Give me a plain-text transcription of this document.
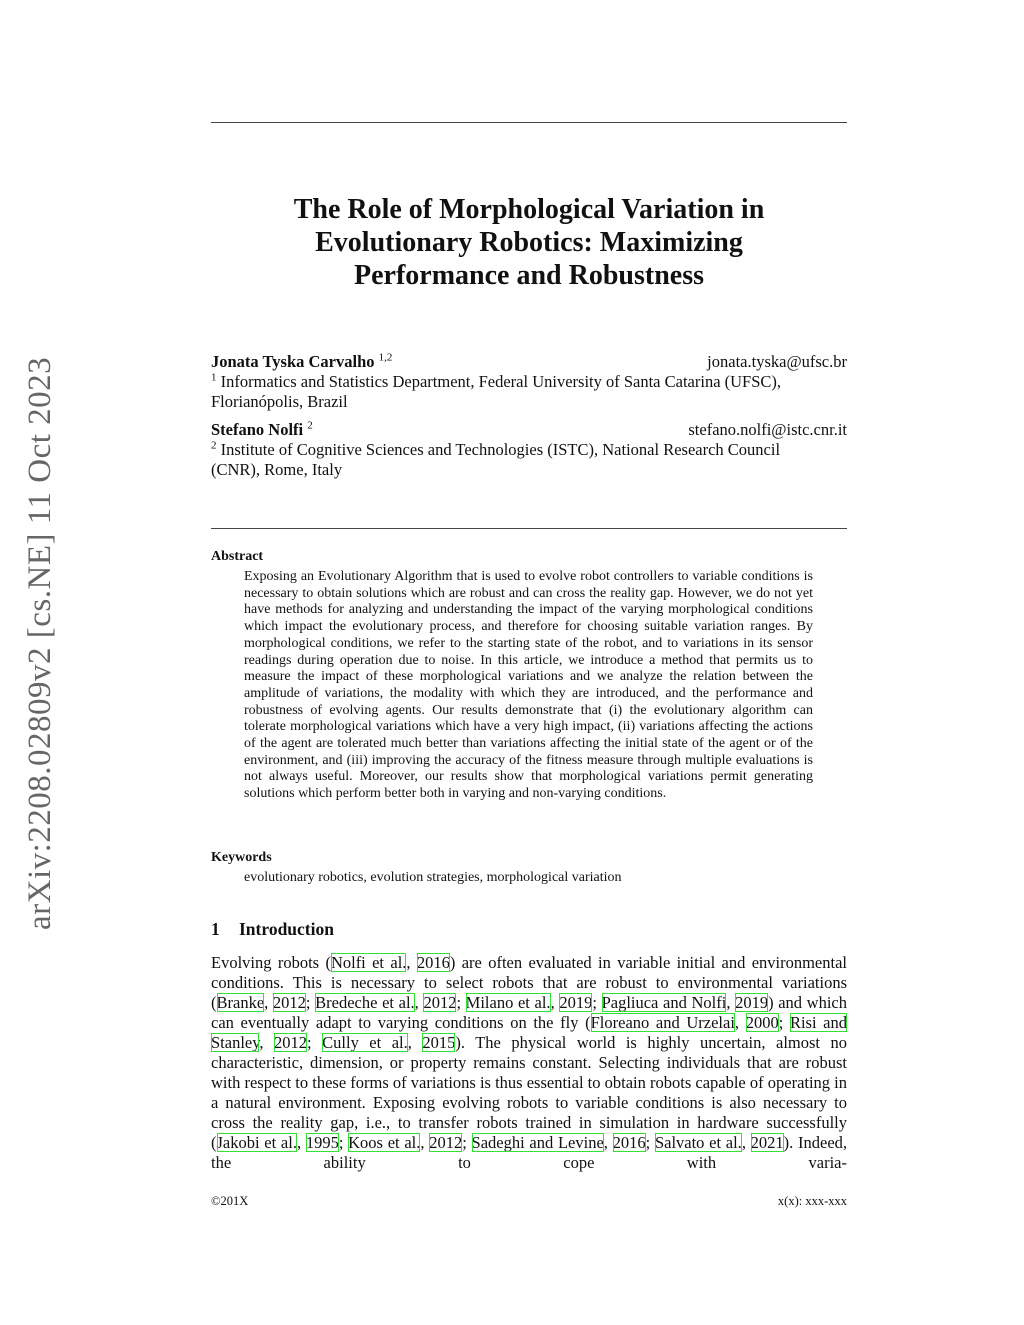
arXiv:2208.02809v2 [cs.NE] 11 Oct 2023
The Role of Morphological Variation in
Evolutionary Robotics: Maximizing
Performance and Robustness
Jonata Tyska Carvalho $^{1,2}$	jonata.tyska@ufsc.br

$^1$ Informatics and Statistics Department, Federal University of Santa Catarina (UFSC),

Florianópolis, Brazil

Stefano Nolfi $^2$	stefano.nolfi@istc.cnr.it

$^2$ Institute of Cognitive Sciences and Technologies (ISTC), National Research Council

(CNR), Rome, Italy

Abstract
Exposing an Evolutionary Algorithm that is used to evolve robot controllers to variable conditions is necessary to obtain solutions which are robust and can cross the reality gap. However, we do not yet have methods for analyzing and understanding the impact of the varying morphological conditions which impact the evolutionary process, and therefore for choosing suitable variation ranges. By morphological conditions, we refer to the starting state of the robot, and to variations in its sensor readings during operation due to noise. In this article, we introduce a method that permits us to measure the impact of these morphological variations and we analyze the relation between the amplitude of variations, the modality with which they are introduced, and the performance and robustness of evolving agents. Our results demonstrate that (i) the evolutionary algorithm can tolerate morphological variations which have a very high impact, (ii) variations affecting the actions of the agent are tolerated much better than variations affecting the initial state of the agent or of the environment, and (iii) improving the accuracy of the fitness measure through multiple evaluations is not always useful. Moreover, our results show that morphological variations permit generating solutions which perform better both in varying and non-varying conditions.
Keywords
evolutionary robotics, evolution strategies, morphological variation
1 Introduction

Evolving robots (Nolfi et al., 2016) are often evaluated in variable initial and environmental conditions. This is necessary to select robots that are robust to environmental variations (Branke, 2012; Bredeche et al., 2012; Milano et al., 2019; Pagliuca and Nolfi, 2019) and which can eventually adapt to varying conditions on the fly (Floreano and Urzelai, 2000; Risi and Stanley, 2012; Cully et al., 2015). The physical world is highly uncertain, almost no characteristic, dimension, or property remains constant. Selecting individuals that are robust with respect to these forms of variations is thus essential to obtain robots capable of operating in a natural environment. Exposing evolving robots to variable conditions is also necessary to cross the reality gap, i.e., to transfer robots trained in simulation in hardware successfully (Jakobi et al., 1995; Koos et al., 2012; Sadeghi and Levine, 2016; Salvato et al., 2021). Indeed, the ability to cope with varia-

©201X	x(x): xxx-xxx
